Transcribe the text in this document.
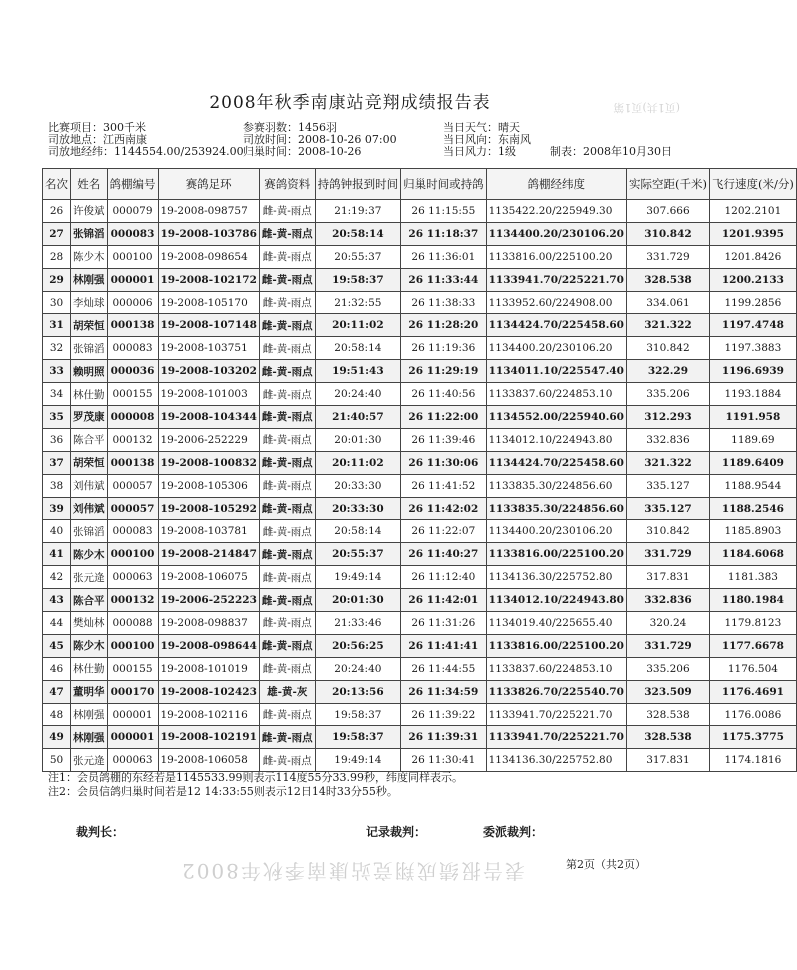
(页1共)页1第
2008年秋季南康站竞翔成绩报告表
比赛项目：300千米
司放地点：江西南康
司放地经纬：1144554.00/253924.00
参赛羽数：1456羽
司放时间：2008-10-26 07:00
归巢时间：2008-10-26
当日天气：晴天
当日风向：东南风
当日风力：1级	制表：2008年10月30日
名次	姓名	鸽棚编号	赛鸽足环	赛鸽资料	持鸽钟报到时间	归巢时间或持鸽	鸽棚经纬度	实际空距(千米)	飞行速度(米/分)
26	许俊斌	000079	19-2008-098757	雌-黄-雨点	21:19:37	26 11:15:55	1135422.20/225949.30	307.666	1202.2101
27	张锦滔	000083	19-2008-103786	雌-黄-雨点	20:58:14	26 11:18:37	1134400.20/230106.20	310.842	1201.9395
28	陈少木	000100	19-2008-098654	雌-黄-雨点	20:55:37	26 11:36:01	1133816.00/225100.20	331.729	1201.8426
29	林刚强	000001	19-2008-102172	雌-黄-雨点	19:58:37	26 11:33:44	1133941.70/225221.70	328.538	1200.2133
30	李灿球	000006	19-2008-105170	雌-黄-雨点	21:32:55	26 11:38:33	1133952.60/224908.00	334.061	1199.2856
31	胡荣恒	000138	19-2008-107148	雌-黄-雨点	20:11:02	26 11:28:20	1134424.70/225458.60	321.322	1197.4748
32	张锦滔	000083	19-2008-103751	雌-黄-雨点	20:58:14	26 11:19:36	1134400.20/230106.20	310.842	1197.3883
33	赖明照	000036	19-2008-103202	雌-黄-雨点	19:51:43	26 11:29:19	1134011.10/225547.40	322.29	1196.6939
34	林仕勤	000155	19-2008-101003	雌-黄-雨点	20:24:40	26 11:40:56	1133837.60/224853.10	335.206	1193.1884
35	罗茂康	000008	19-2008-104344	雌-黄-雨点	21:40:57	26 11:22:00	1134552.00/225940.60	312.293	1191.958
36	陈合平	000132	19-2006-252229	雌-黄-雨点	20:01:30	26 11:39:46	1134012.10/224943.80	332.836	1189.69
37	胡荣恒	000138	19-2008-100832	雌-黄-雨点	20:11:02	26 11:30:06	1134424.70/225458.60	321.322	1189.6409
38	刘伟斌	000057	19-2008-105306	雌-黄-雨点	20:33:30	26 11:41:52	1133835.30/224856.60	335.127	1188.9544
39	刘伟斌	000057	19-2008-105292	雌-黄-雨点	20:33:30	26 11:42:02	1133835.30/224856.60	335.127	1188.2546
40	张锦滔	000083	19-2008-103781	雌-黄-雨点	20:58:14	26 11:22:07	1134400.20/230106.20	310.842	1185.8903
41	陈少木	000100	19-2008-214847	雌-黄-雨点	20:55:37	26 11:40:27	1133816.00/225100.20	331.729	1184.6068
42	张元逄	000063	19-2008-106075	雌-黄-雨点	19:49:14	26 11:12:40	1134136.30/225752.80	317.831	1181.383
43	陈合平	000132	19-2006-252223	雌-黄-雨点	20:01:30	26 11:42:01	1134012.10/224943.80	332.836	1180.1984
44	樊灿林	000088	19-2008-098837	雌-黄-雨点	21:33:46	26 11:31:26	1134019.40/225655.40	320.24	1179.8123
45	陈少木	000100	19-2008-098644	雌-黄-雨点	20:56:25	26 11:41:41	1133816.00/225100.20	331.729	1177.6678
46	林仕勤	000155	19-2008-101019	雌-黄-雨点	20:24:40	26 11:44:55	1133837.60/224853.10	335.206	1176.504
47	董明华	000170	19-2008-102423	雄-黄-灰	20:13:56	26 11:34:59	1133826.70/225540.70	323.509	1176.4691
48	林刚强	000001	19-2008-102116	雌-黄-雨点	19:58:37	26 11:39:22	1133941.70/225221.70	328.538	1176.0086
49	林刚强	000001	19-2008-102191	雌-黄-雨点	19:58:37	26 11:39:31	1133941.70/225221.70	328.538	1175.3775
50	张元逄	000063	19-2008-106058	雌-黄-雨点	19:49:14	26 11:30:41	1134136.30/225752.80	317.831	1174.1816
注1：会员鸽棚的东经若是1145533.99则表示114度55分33.99秒，纬度同样表示。
注2：会员信鸽归巢时间若是12 14:33:55则表示12日14时33分55秒。
裁判长：	记录裁判：	委派裁判：
第2页（共2页）
表告报绩成翔竞站康南季秋年8002
